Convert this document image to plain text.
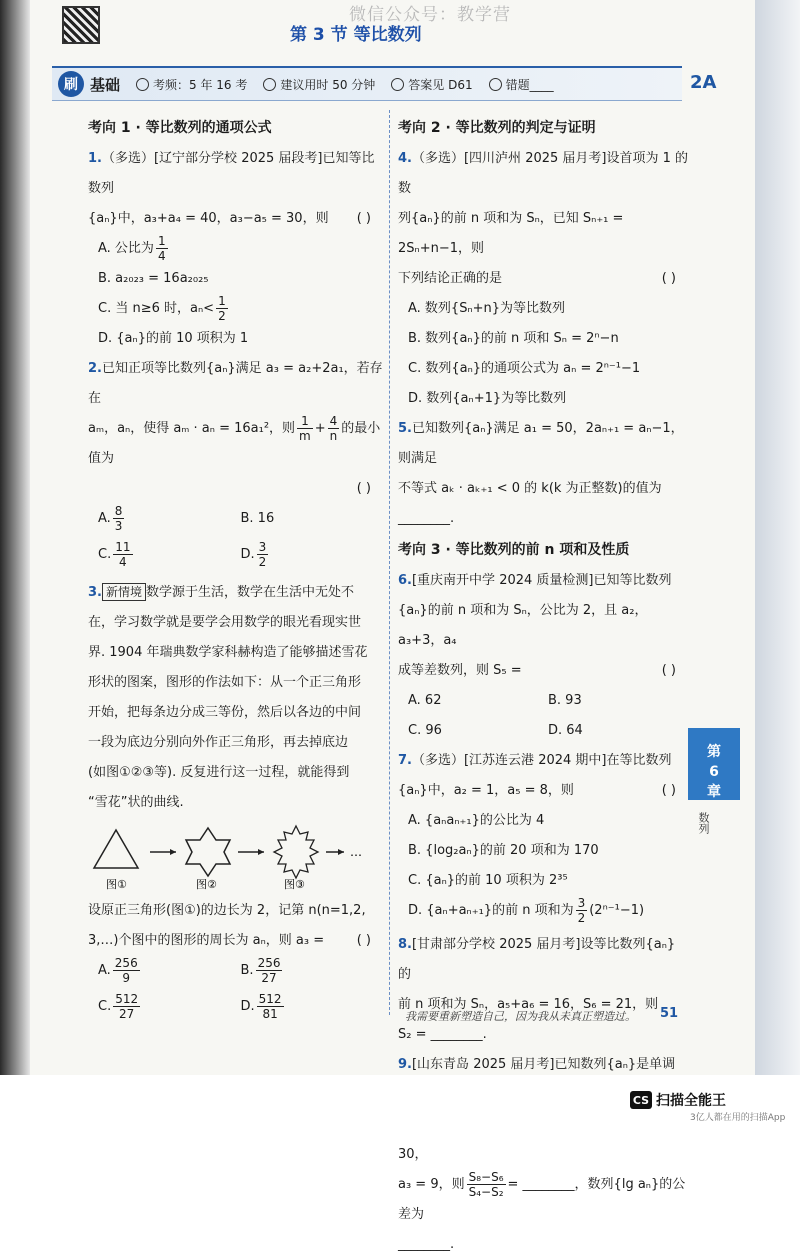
微信公众号：教学营
第 3 节 等比数列
刷 基础	考频：5 年 16 考	建议用时 50 分钟	答案见 D61	错题____	2A

考向 1 · 等比数列的通项公式

1.（多选）[辽宁部分学校 2025 届段考]已知等比数列

{aₙ}中，a₃+a₄ = 40，a₃−a₅ = 30，则 ( )

A. 公比为 $\frac{1}{4}$

B. a₂₀₂₃ = 16a₂₀₂₅

C. 当 n≥6 时，$a_n< \frac{1}{2}$

D. {aₙ}的前 10 项积为 1

2.已知正项等比数列{aₙ}满足 a₃ = a₂+2a₁，若存在

aₘ，aₙ，使得 aₘ · aₙ = 16a₁²，则 $\frac{1}{m} + \frac{4}{n}$ 的最小值为

( )

A. $\frac{8}{3}$	B. 16
C. $\frac{11}{4}$	D. $\frac{3}{2}$

3. 新情境 数学源于生活，数学在生活中无处不

在，学习数学就是要学会用数学的眼光看现实世

界. 1904 年瑞典数学家科赫构造了能够描述雪花

形状的图案，图形的作法如下：从一个正三角形

开始，把每条边分成三等份，然后以各边的中间

一段为底边分别向外作正三角形，再去掉底边

(如图①②③等). 反复进行这一过程，就能得到

“雪花”状的曲线.

…
图①	图②	图③

设原正三角形(图①)的边长为 2，记第 n(n=1,2,

3,…)个图中的图形的周长为 aₙ，则 a₃ =	( )

A. $\frac{256}{9}$	B. $\frac{256}{27}$
C. $\frac{512}{27}$	D. $\frac{512}{81}$

考向 2 · 等比数列的判定与证明

4.（多选）[四川泸州 2025 届月考]设首项为 1 的数

列{aₙ}的前 n 项和为 Sₙ，已知 Sₙ₊₁ = 2Sₙ+n−1，则

下列结论正确的是	( )

A. 数列{Sₙ+n}为等比数列

B. 数列{aₙ}的前 n 项和 Sₙ = 2ⁿ−n

C. 数列{aₙ}的通项公式为 aₙ = 2ⁿ⁻¹−1

D. 数列{aₙ+1}为等比数列

5.已知数列{aₙ}满足 a₁ = 50，2aₙ₊₁ = aₙ−1，则满足

不等式 aₖ · aₖ₊₁ < 0 的 k(k 为正整数)的值为

________.

考向 3 · 等比数列的前 n 项和及性质

6.[重庆南开中学 2024 质量检测]已知等比数列

{aₙ}的前 n 项和为 Sₙ，公比为 2，且 a₂，a₃+3，a₄

成等差数列，则 S₅ =	( )

A. 62	B. 93
C. 96	D. 64

7.（多选）[江苏连云港 2024 期中]在等比数列

{aₙ}中，a₂ = 1，a₅ = 8，则	( )

A. {aₙaₙ₊₁}的公比为 4

B. {log₂aₙ}的前 20 项和为 170

C. {aₙ}的前 10 项积为 2³⁵

D. {aₙ+aₙ₊₁}的前 n 项和为 $\frac{3}{2} (2^{n-1}-1)$

8.[甘肃部分学校 2025 届月考]设等比数列{aₙ}的

前 n 项和为 Sₙ，a₅+a₆ = 16，S₆ = 21，则

S₂ = ________.

9.[山东青岛 2025 届月考]已知数列{aₙ}是单调

30，

a₃ = 9，则 $\frac{\text{S₈−S₆}}{\text{S₄−S₂}}$ = ________，数列{lg aₙ}的公差为

________.

第
6
章
数列
我需要重新塑造自己，因为我从未真正塑造过。 51
CS 扫描全能王
3亿人都在用的扫描App
